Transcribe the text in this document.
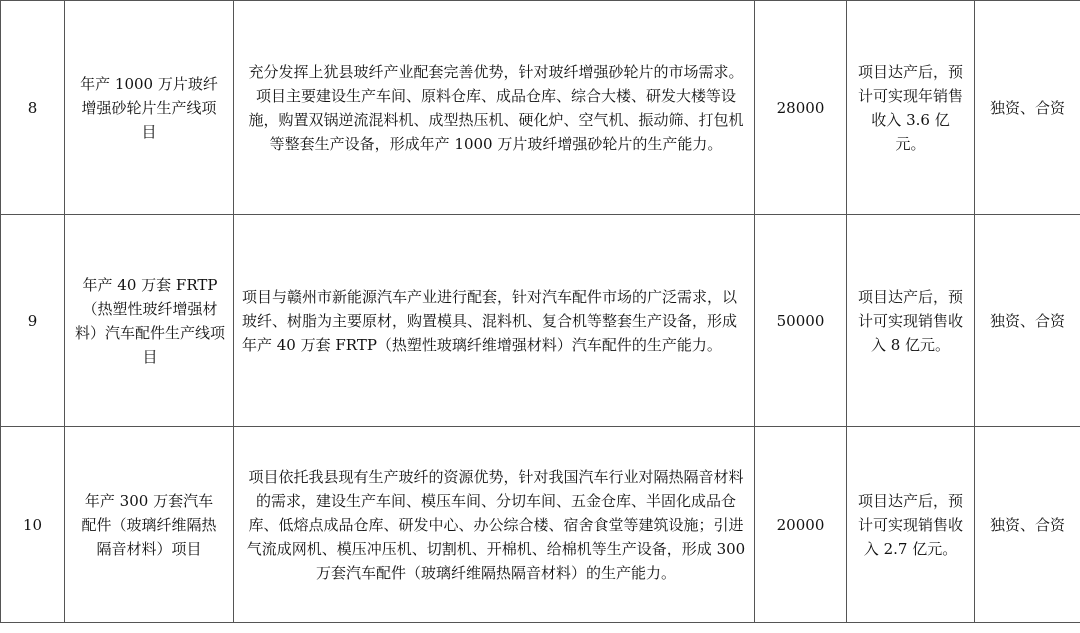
8	年产 1000 万片玻纤增强砂轮片生产线项目	充分发挥上犹县玻纤产业配套完善优势，针对玻纤增强砂轮片的市场需求。项目主要建设生产车间、原料仓库、成品仓库、综合大楼、研发大楼等设施，购置双锅逆流混料机、成型热压机、硬化炉、空气机、振动筛、打包机等整套生产设备，形成年产 1000 万片玻纤增强砂轮片的生产能力。	28000	项目达产后，预计可实现年销售收入 3.6 亿元。	独资、合资
9	年产 40 万套 FRTP（热塑性玻纤增强材料）汽车配件生产线项目	项目与赣州市新能源汽车产业进行配套，针对汽车配件市场的广泛需求，以玻纤、树脂为主要原材，购置模具、混料机、复合机等整套生产设备，形成年产 40 万套 FRTP（热塑性玻璃纤维增强材料）汽车配件的生产能力。	50000	项目达产后，预计可实现销售收入 8 亿元。	独资、合资
10	年产 300 万套汽车配件（玻璃纤维隔热隔音材料）项目	项目依托我县现有生产玻纤的资源优势，针对我国汽车行业对隔热隔音材料的需求，建设生产车间、模压车间、分切车间、五金仓库、半固化成品仓库、低熔点成品仓库、研发中心、办公综合楼、宿舍食堂等建筑设施；引进气流成网机、模压冲压机、切割机、开棉机、给棉机等生产设备，形成 300 万套汽车配件（玻璃纤维隔热隔音材料）的生产能力。	20000	项目达产后，预计可实现销售收入 2.7 亿元。	独资、合资
